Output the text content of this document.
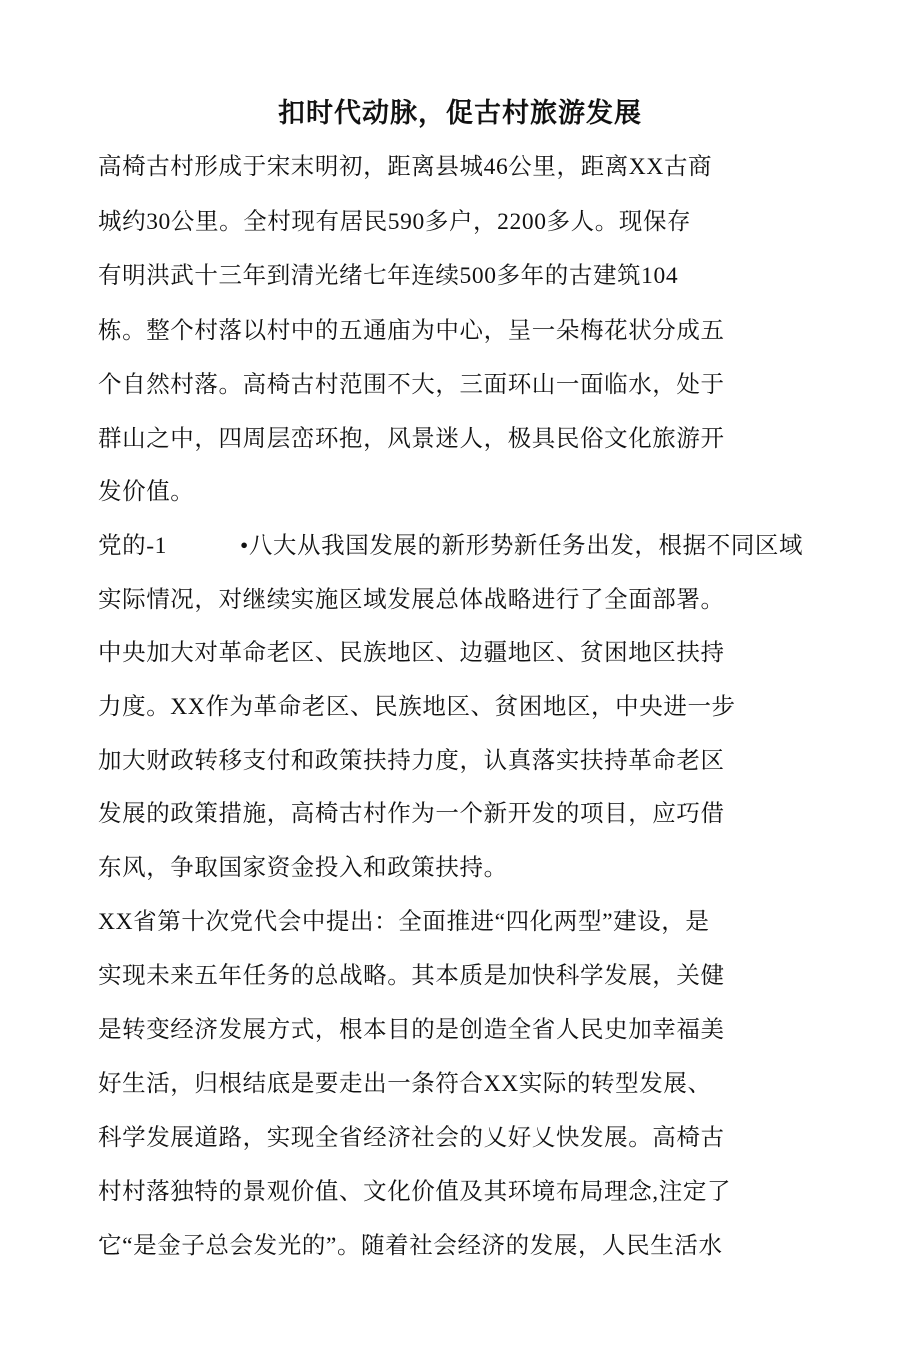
扣时代动脉，促古村旅游发展
高椅古村形成于宋末明初，距离县城46公里，距离XX古商
城约30公里。全村现有居民590多户，2200多人。现保存
有明洪武十三年到清光绪七年连续500多年的古建筑104
栋。整个村落以村中的五通庙为中心，呈一朵梅花状分成五
个自然村落。高椅古村范围不大，三面环山一面临水，处于
群山之中，四周层峦环抱，风景迷人，极具民俗文化旅游开
发价值。
党的-1	•八大从我国发展的新形势新任务出发，根据不同区域
实际情况，对继续实施区域发展总体战略进行了全面部署。
中央加大对革命老区、民族地区、边疆地区、贫困地区扶持
力度。XX作为革命老区、民族地区、贫困地区，中央进一步
加大财政转移支付和政策扶持力度，认真落实扶持革命老区
发展的政策措施，高椅古村作为一个新开发的项目，应巧借
东风，争取国家资金投入和政策扶持。
XX省第十次党代会中提出：全面推进“四化两型”建设，是
实现未来五年任务的总战略。其本质是加快科学发展，关健
是转变经济发展方式，根本目的是创造全省人民史加幸福美
好生活，归根结底是要走出一条符合XX实际的转型发展、
科学发展道路，实现全省经济社会的乂好乂快发展。高椅古
村村落独特的景观价值、文化价值及其环境布局理念,注定了
它“是金子总会发光的”。随着社会经济的发展，人民生活水
